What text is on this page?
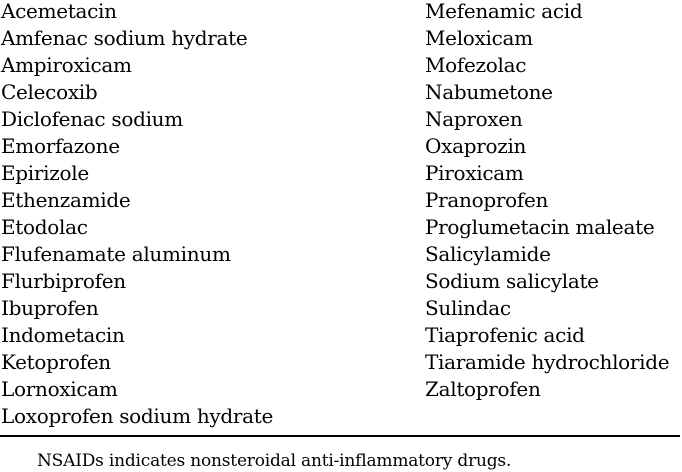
Acemetacin
Amfenac sodium hydrate
Ampiroxicam
Celecoxib
Diclofenac sodium
Emorfazone
Epirizole
Ethenzamide
Etodolac
Flufenamate aluminum
Flurbiprofen
Ibuprofen
Indometacin
Ketoprofen
Lornoxicam
Loxoprofen sodium hydrate
Mefenamic acid
Meloxicam
Mofezolac
Nabumetone
Naproxen
Oxaprozin
Piroxicam
Pranoprofen
Proglumetacin maleate
Salicylamide
Sodium salicylate
Sulindac
Tiaprofenic acid
Tiaramide hydrochloride
Zaltoprofen
NSAIDs indicates nonsteroidal anti-inflammatory drugs.
